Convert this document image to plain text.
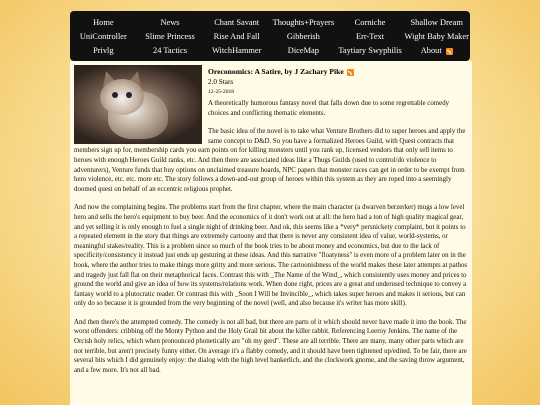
Home	News	Chant Savant	Thoughts+Prayers	Corniche	Shallow Dream
UniController	Slime Princess	Rise And Fall	Gibberish	Err-Text	Wight Baby Maker
Privlg	24 Tactics	WitchHammer	DiceMap	Taytiary Swyphilis	About
Oreconomics: A Satire, by J Zachary Pike
2.0 Stars
12-25-2018

A theoretically humorous fantasy novel that falls down due to some regrettable comedy choices and conflicting thematic elements.

The basic idea of the novel is to take what Venture Brothers did to super heroes and apply the same concept to D&D. So you have a formalized Heroes Guild, with Quest contracts that members sign up for, membership cards you earn points on for killing monsters until you rank up, licensed vendors that only sell items to heroes with enough Heroes Guild ranks, etc. And then there are associated ideas like a Thugs Guilds (used to control/do violence to adventurers), Venture funds that buy options on unclaimed treasure hoards, NPC papers that monster races can get in order to be exempt from hero violence, etc. etc. more etc. The story follows a down-and-out group of heroes within this system as they are roped into a seemingly doomed quest on behalf of an eccentric religious prophet.

And now the complaining begins. The problems start from the first chapter, where the main character (a dwarven berzerker) mugs a low level hero and sells the hero's equipment to buy beer. And the economics of it don't work out at all: the hero had a ton of high quality magical gear, and yet selling it is only enough to fuel a single night of drinking beer. And ok, this seems like a *very* persnickety complaint, but it points to a repeated element in the story that things are extremely cartoony and that there is never any consistent idea of value, world-systems, or meaningful stakes/reality. This is a problem since so much of the book tries to be about money and economics, but due to the lack of specificity/consistency it instead just ends up gesturing at these ideas. And this narrative "floatyness" is even more of a problem later on in the book, where the author tries to make things more gritty and more serious. The cartoonishness of the world makes these later attempts at pathos and tragedy just fall flat on their metaphorical faces. Contrast this with _The Name of the Wind_, which consistently uses money and prices to ground the world and give an idea of how its systems/relations work. When done right, prices are a great and underused technique to convey a fantasy world to a plutocratic reader. Or contrast this with _Soon I Will be Invincible_, which takes super heroes and makes it serious, but can only do so because it is grounded from the very beginning of the novel (well, and also because it's writer has more skill).

And then there's the attempted comedy. The comedy is not all bad, but there are parts of it which should never have made it into the book. The worst offenders: cribbing off the Monty Python and the Holy Grail bit about the killer rabbit. Referencing Leeroy Jenkins. The name of the Orcish holy relics, which when pronounced phonetically are "oh my gerd". These are all terrible. There are many, many other parts which are not terrible, but aren't precisely funny either. On average it's a flabby comedy, and it should have been tightened up/edited. To be fair, there are several bits which I did genuinely enjoy: the dialog with the high level bankerlich, and the clockwork gnome, and the saving throw argument, and a few more. It's not all bad.
